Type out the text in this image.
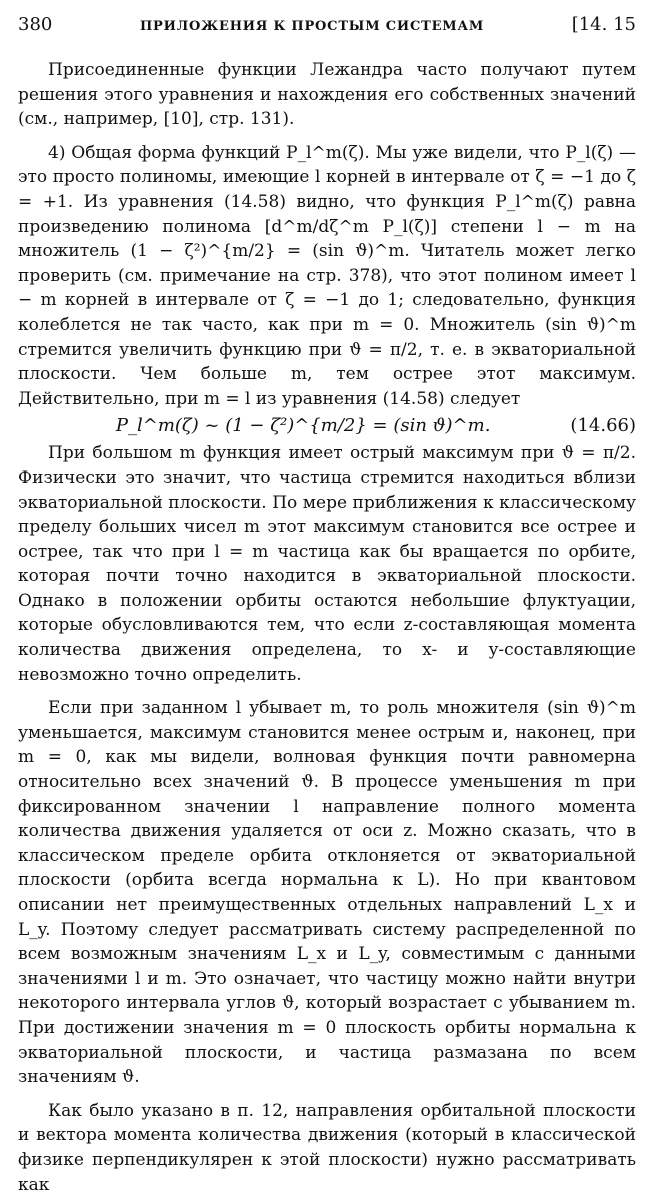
380	ПРИЛОЖЕНИЯ К ПРОСТЫМ СИСТЕМАМ	[14. 15

Присоединенные функции Лежандра часто получают путем решения этого уравнения и нахождения его собственных значений (см., например, [10], стр. 131).

4) Общая форма функций P_l^m(ζ). Мы уже видели, что P_l(ζ) — это просто полиномы, имеющие l корней в интервале от ζ = −1 до ζ = +1. Из уравнения (14.58) видно, что функция P_l^m(ζ) равна произведению полинома [d^m/dζ^m P_l(ζ)] степени l − m на множитель (1 − ζ²)^{m/2} = (sin ϑ)^m. Читатель может легко проверить (см. примечание на стр. 378), что этот полином имеет l − m корней в интервале от ζ = −1 до 1; следовательно, функция колеблется не так часто, как при m = 0. Множитель (sin ϑ)^m стремится увеличить функцию при ϑ = π/2, т. е. в экваториальной плоскости. Чем больше m, тем острее этот максимум. Действительно, при m = l из уравнения (14.58) следует

P_l^m(ζ) ~ (1 − ζ²)^{m/2} = (sin ϑ)^m.	(14.66)

При большом m функция имеет острый максимум при ϑ = π/2. Физически это значит, что частица стремится находиться вблизи экваториальной плоскости. По мере приближения к классическому пределу больших чисел m этот максимум становится все острее и острее, так что при l = m частица как бы вращается по орбите, которая почти точно находится в экваториальной плоскости. Однако в положении орбиты остаются небольшие флуктуации, которые обусловливаются тем, что если z-составляющая момента количества движения определена, то x- и y-составляющие невозможно точно определить.

Если при заданном l убывает m, то роль множителя (sin ϑ)^m уменьшается, максимум становится менее острым и, наконец, при m = 0, как мы видели, волновая функция почти равномерна относительно всех значений ϑ. В процессе уменьшения m при фиксированном значении l направление полного момента количества движения удаляется от оси z. Можно сказать, что в классическом пределе орбита отклоняется от экваториальной плоскости (орбита всегда нормальна к L). Но при квантовом описании нет преимущественных отдельных направлений L_x и L_y. Поэтому следует рассматривать систему распределенной по всем возможным значениям L_x и L_y, совместимым с данными значениями l и m. Это означает, что частицу можно найти внутри некоторого интервала углов ϑ, который возрастает с убыванием m. При достижении значения m = 0 плоскость орбиты нормальна к экваториальной плоскости, и частица размазана по всем значениям ϑ.

Как было указано в п. 12, направления орбитальной плоскости и вектора момента количества движения (который в классической физике перпендикулярен к этой плоскости) нужно рассматривать как
